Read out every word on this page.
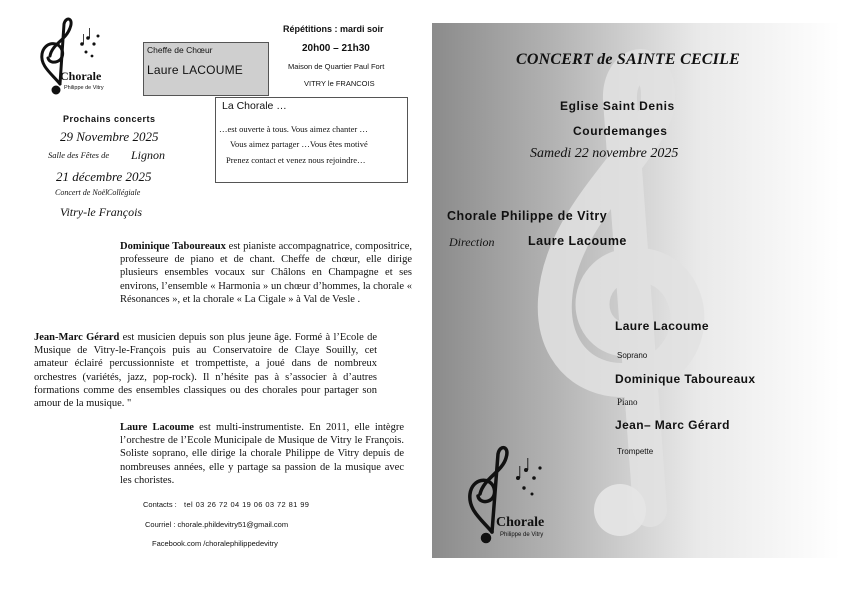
Chorale
Philippe de Vitry
Cheffe de Chœur
Laure LACOUME
Répétitions : mardi soir
20h00 – 21h30
Maison de Quartier Paul Fort
VITRY le FRANCOIS
La Chorale …
…est ouverte à tous. Vous aimez chanter …
Vous aimez partager …Vous êtes motivé
Prenez contact et venez nous rejoindre…
Prochains concerts
29 Novembre 2025
Salle des Fêtes de Lignon
21 décembre 2025
Concert de Noël Collégiale
Vitry-le François
Dominique Taboureaux est pianiste accompagnatrice, compositrice, professeure de piano et de chant. Cheffe de chœur, elle dirige plusieurs ensembles vocaux sur Châlons en Champagne et ses environs, l’ensemble « Harmonia » un chœur d’hommes, la chorale « Résonances », et la chorale « La Cigale » à Val de Vesle .
Jean-Marc Gérard est musicien depuis son plus jeune âge. Formé à l’Ecole de Musique de Vitry-le-François puis au Conservatoire de Claye Souilly, cet amateur éclairé percussionniste et trompettiste, a joué dans de nombreux orchestres (variétés, jazz, pop-rock). Il n’hésite pas à s’associer à d’autres formations comme des ensembles classiques ou des chorales pour partager son amour de la musique. "
Laure Lacoume est multi-instrumentiste. En 2011, elle intègre l’orchestre de l’Ecole Municipale de Musique de Vitry le François. Soliste soprano, elle dirige la chorale Philippe de Vitry depuis de nombreuses années, elle y partage sa passion de la musique avec les choristes.
Contacts : tel 03 26 72 04 19 06 03 72 81 99
Courriel : chorale.phildevitry51@gmail.com
Facebook.com /choralephilippedevitry
CONCERT de SAINTE CECILE
Eglise Saint Denis
Courdemanges
Samedi 22 novembre 2025
Chorale Philippe de Vitry
Direction	Laure Lacoume
Laure Lacoume
Soprano
Dominique Taboureaux
Piano
Jean– Marc Gérard
Trompette
Chorale
Philippe de Vitry
